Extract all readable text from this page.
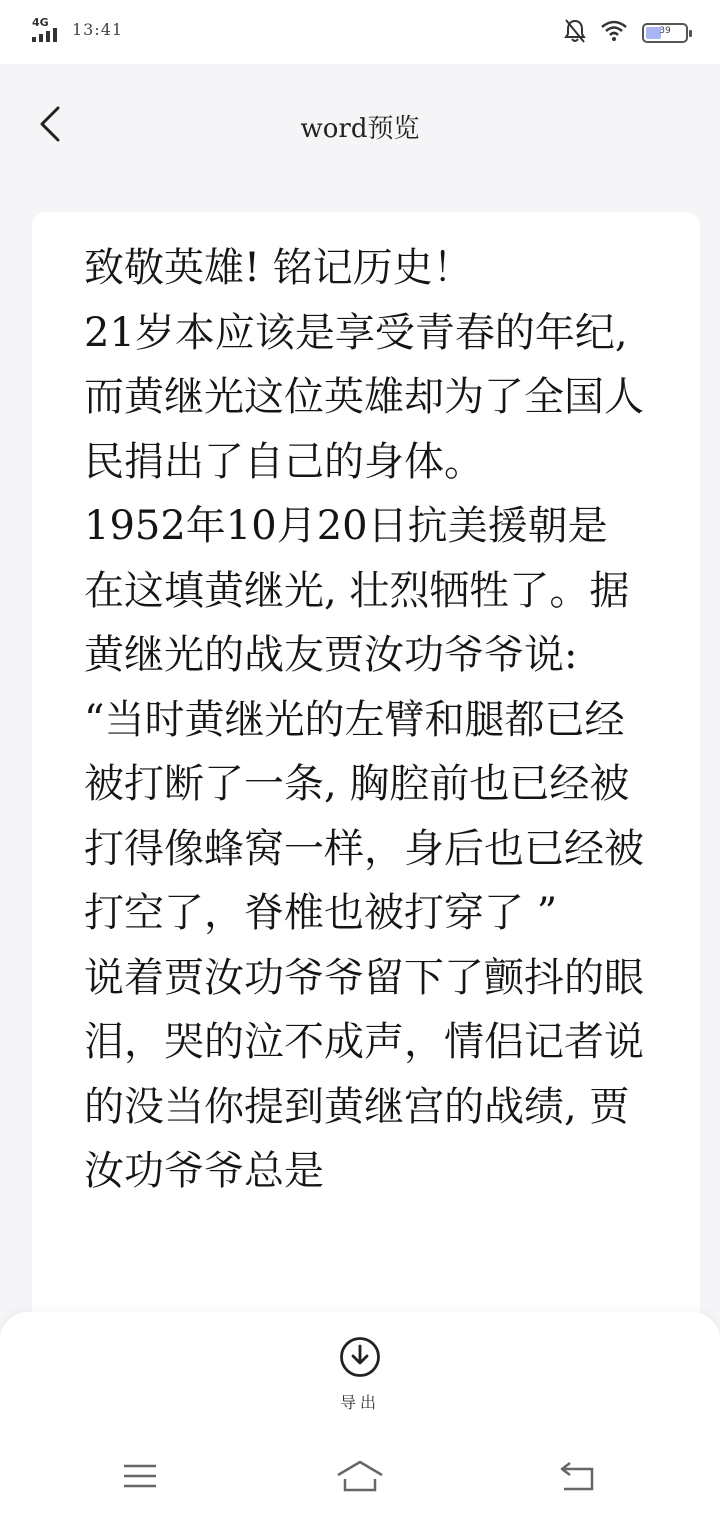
4G 13:41	39
word预览
致敬英雄! 铭记历史！
21岁本应该是享受青春的年纪, 而黄继光这位英雄却为了全国人民捐出了自己的身体。
1952年10月20日抗美援朝是在这填黄继光, 壮烈牺牲了。据黄继光的战友贾汝功爷爷说: “当时黄继光的左臂和腿都已经被打断了一条, 胸腔前也已经被打得像蜂窝一样，身后也已经被打空了，脊椎也被打穿了 ”
说着贾汝功爷爷留下了颤抖的眼泪，哭的泣不成声，情侣记者说的没当你提到黄继宫的战绩, 贾汝功爷爷总是
导出
